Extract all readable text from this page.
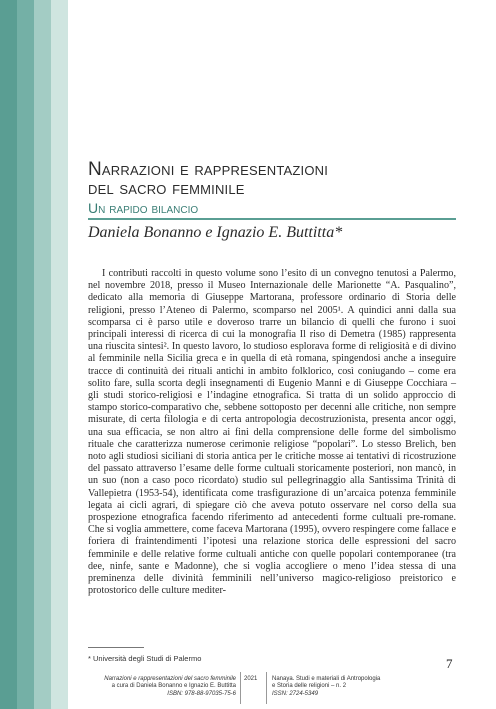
Narrazioni e rappresentazioni
del sacro femminile
Un rapido bilancio
Daniela Bonanno e Ignazio E. Buttitta*

I contributi raccolti in questo volume sono l’esito di un convegno tenutosi a Palermo, nel novembre 2018, presso il Museo Internazionale delle Marionette “A. Pasqualino”, dedicato alla memoria di Giuseppe Martorana, professore ordinario di Storia delle religioni, presso l’Ateneo di Palermo, scomparso nel 2005¹. A quindici anni dalla sua scomparsa ci è parso utile e doveroso trarre un bilancio di quelli che furono i suoi principali interessi di ricerca di cui la monografia Il riso di Demetra (1985) rappresenta una riuscita sintesi². In questo lavoro, lo studioso esplorava forme di religiosità e di divino al femminile nella Sicilia greca e in quella di età romana, spingendosi anche a inseguire tracce di continuità dei rituali antichi in ambito folklorico, così coniugando – come era solito fare, sulla scorta degli insegnamenti di Eugenio Manni e di Giuseppe Cocchiara – gli studi storico-religiosi e l’indagine etnografica. Si tratta di un solido approccio di stampo storico-comparativo che, sebbene sottoposto per decenni alle critiche, non sempre misurate, di certa filologia e di certa antropologia decostruzionista, presenta ancor oggi, una sua efficacia, se non altro ai fini della comprensione delle forme del simbolismo rituale che caratterizza numerose cerimonie religiose “popolari”. Lo stesso Brelich, ben noto agli studiosi siciliani di storia antica per le critiche mosse ai tentativi di ricostruzione del passato attraverso l’esame delle forme cultuali storicamente posteriori, non mancò, in un suo (non a caso poco ricordato) studio sul pellegrinaggio alla Santissima Trinità di Vallepietra (1953-54), identificata come trasfigurazione di un’arcaica potenza femminile legata ai cicli agrari, di spiegare ciò che aveva potuto osservare nel corso della sua prospezione etnografica facendo riferimento ad antecedenti forme cultuali pre-romane. Che si voglia ammettere, come faceva Martorana (1995), ovvero respingere come fallace e foriera di fraintendimenti l’ipotesi una relazione storica delle espressioni del sacro femminile e delle relative forme cultuali antiche con quelle popolari contemporanee (tra dee, ninfe, sante e Madonne), che si voglia accogliere o meno l’idea stessa di una preminenza delle divinità femminili nell’universo magico-religioso preistorico e protostorico delle culture mediter-

* Università degli Studi di Palermo
Narrazioni e rappresentazioni del sacro femminile
a cura di Daniela Bonanno e Ignazio E. Buttitta
ISBN: 978-88-97035-75-6
2021 Nanaya. Studi e materiali di Antropologia
e Storia delle religioni – n. 2
ISSN: 2724-5349
7
